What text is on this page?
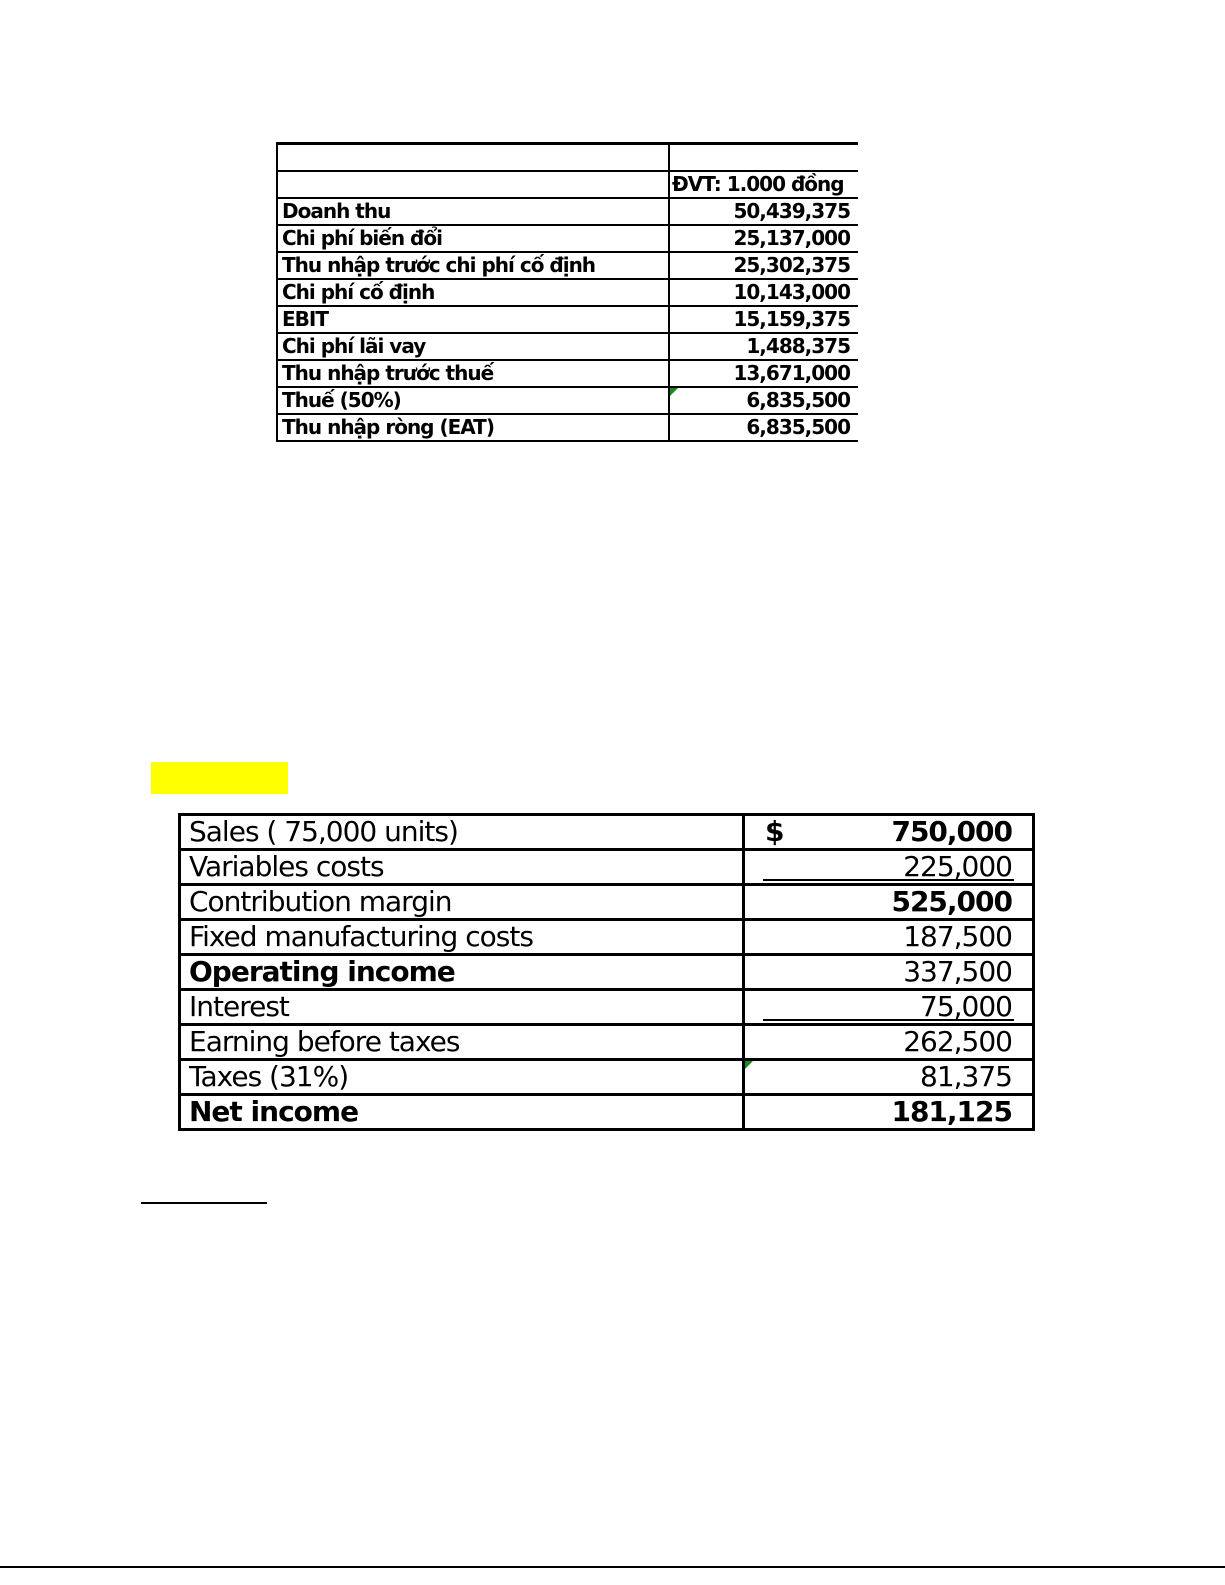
	ĐVT: 1.000 đồng
Doanh thu	50,439,375
Chi phí biến đổi	25,137,000
Thu nhập trước chi phí cố định	25,302,375
Chi phí cố định	10,143,000
EBIT	15,159,375
Chi phí lãi vay	1,488,375
Thu nhập trước thuế	13,671,000
Thuế (50%)	6,835,500
Thu nhập ròng (EAT)	6,835,500
Sales ( 75,000 units)	$ 750,000
Variables costs	225,000

Contribution margin	525,000
Fixed manufacturing costs	187,500
Operating income	337,500
Interest	75,000

Earning before taxes	262,500
Taxes (31%)	81,375
Net income	181,125
